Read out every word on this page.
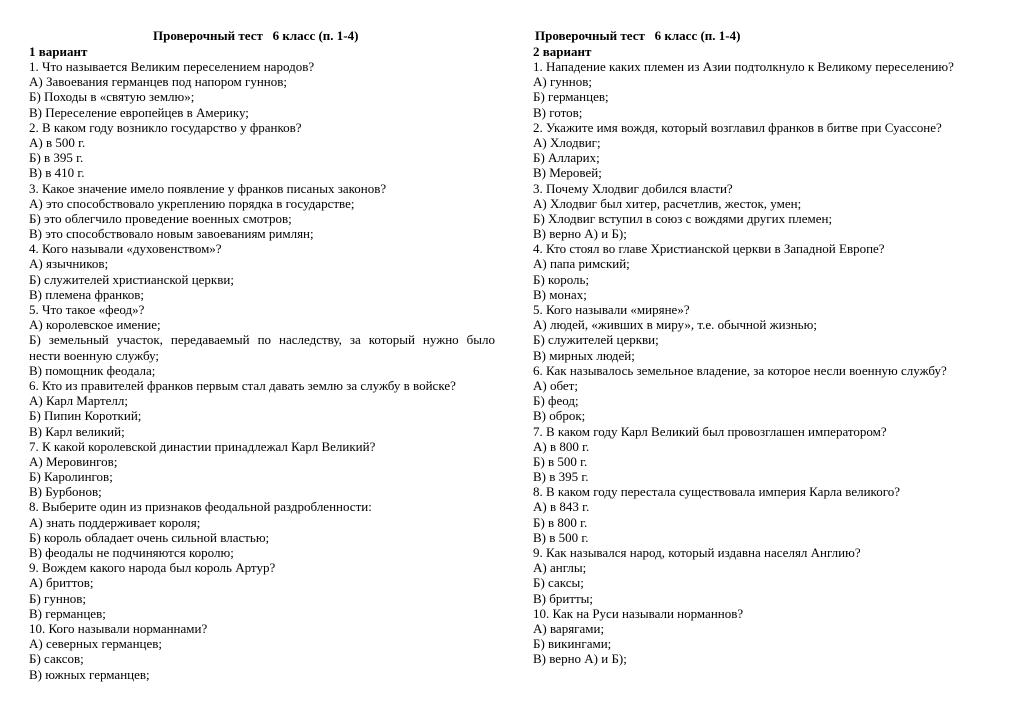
Проверочный тест   6 класс (п. 1-4)
1 вариант
1. Что называется Великим переселением народов?
А) Завоевания германцев под напором гуннов;
Б) Походы в «святую землю»;
В) Переселение европейцев в Америку;
2. В каком году возникло государство у франков?
А) в 500 г.
Б) в 395 г.
В) в 410 г.
3. Какое значение имело появление у франков писаных законов?
А) это способствовало укреплению порядка в государстве;
Б) это облегчило проведение военных смотров;
В) это способствовало новым завоеваниям римлян;
4. Кого называли «духовенством»?
А) язычников;
Б) служителей христианской церкви;
В) племена франков;
5. Что такое «феод»?
А) королевское имение;
Б) земельный участок, передаваемый по наследству, за который нужно было
нести военную службу;
В) помощник феодала;
6. Кто из правителей франков первым стал давать землю за службу в войске?
А) Карл Мартелл;
Б) Пипин Короткий;
В) Карл великий;
7. К какой королевской династии принадлежал Карл Великий?
А) Меровингов;
Б) Каролингов;
В) Бурбонов;
8. Выберите один из признаков феодальной раздробленности:
А) знать поддерживает короля;
Б) король обладает очень сильной властью;
В) феодалы не подчиняются королю;
9. Вождем какого народа был король Артур?
А) бриттов;
Б) гуннов;
В) германцев;
10. Кого называли норманнами?
А) северных германцев;
Б) саксов;
В) южных германцев;
Проверочный тест   6 класс (п. 1-4)
2 вариант
1. Нападение каких племен из Азии подтолкнуло к Великому переселению?
А) гуннов;
Б) германцев;
В) готов;
2. Укажите имя вождя, который возглавил франков в битве при Суассоне?
А) Хлодвиг;
Б) Алларих;
В) Меровей;
3. Почему Хлодвиг добился власти?
А) Хлодвиг был хитер, расчетлив, жесток, умен;
Б) Хлодвиг вступил в союз с вождями других племен;
В) верно А) и Б);
4. Кто стоял во главе Христианской церкви в Западной Европе?
А) папа римский;
Б) король;
В) монах;
5. Кого называли «миряне»?
А) людей, «живших в миру», т.е. обычной жизнью;
Б) служителей церкви;
В) мирных людей;
6. Как называлось земельное владение, за которое несли военную службу?
А) обет;
Б) феод;
В) оброк;
7. В каком году Карл Великий был провозглашен императором?
А) в 800 г.
Б) в 500 г.
В) в 395 г.
8. В каком году перестала существовала империя Карла великого?
А) в 843 г.
Б) в 800 г.
В) в 500 г.
9. Как назывался народ, который издавна населял Англию?
А) англы;
Б) саксы;
В) бритты;
10. Как на Руси называли норманнов?
А) варягами;
Б) викингами;
В) верно А) и Б);
